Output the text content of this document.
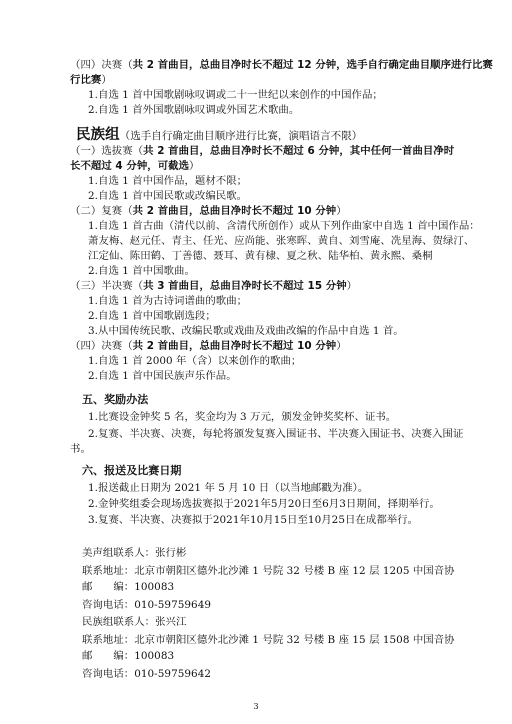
（四）决赛（共 2 首曲目，总曲目净时长不超过 12 分钟，选手自行确定曲目顺序进行比赛
行比赛）
1.自选 1 首中国歌剧咏叹调或二十一世纪以来创作的中国作品；
2.自选 1 首外国歌剧咏叹调或外国艺术歌曲。
民族组（选手自行确定曲目顺序进行比赛，演唱语言不限）
（一）选拔赛（共 2 首曲目，总曲目净时长不超过 6 分钟，其中任何一首曲目净时
长不超过 4 分钟，可截选）
1.自选 1 首中国作品，题材不限；
2.自选 1 首中国民歌或改编民歌。
（二）复赛（共 2 首曲目，总曲目净时长不超过 10 分钟）
1.自选 1 首古曲（清代以前、含清代所创作）或从下列作曲家中自选 1 首中国作品：
萧友梅、赵元任、青主、任光、应尚能、张寒晖、黄自、刘雪庵、冼星海、贺绿汀、
江定仙、陈田鹤、丁善德、聂耳、黄有棣、夏之秋、陆华柏、黄永熙、桑桐
2.自选 1 首中国歌曲。
（三）半决赛（共 3 首曲目，总曲目净时长不超过 15 分钟）
1.自选 1 首为古诗词谱曲的歌曲；
2.自选 1 首中国歌剧选段；
3.从中国传统民歌、改编民歌或戏曲及戏曲改编的作品中自选 1 首。
（四）决赛（共 2 首曲目，总曲目净时长不超过 10 分钟）
1.自选 1 首 2000 年（含）以来创作的歌曲；
2.自选 1 首中国民族声乐作品。
五、奖励办法
1.比赛设金钟奖 5 名，奖金均为 3 万元，颁发金钟奖奖杯、证书。
2.复赛、半决赛、决赛，每轮将颁发复赛入围证书、半决赛入围证书、决赛入围证
书。
六、报送及比赛日期
1.报送截止日期为 2021 年 5 月 10 日（以当地邮戳为准）。
2.金钟奖组委会现场选拔赛拟于2021年5月20日至6月3日期间，择期举行。
3.复赛、半决赛、决赛拟于2021年10月15日至10月25日在成都举行。
美声组联系人：张行彬
联系地址：北京市朝阳区德外北沙滩 1 号院 32 号楼 B 座 12 层 1205 中国音协
邮　　编：100083
咨询电话：010-59759649
民族组联系人：张兴江
联系地址：北京市朝阳区德外北沙滩 1 号院 32 号楼 B 座 15 层 1508 中国音协
邮　　编：100083
咨询电话：010-59759642
3
